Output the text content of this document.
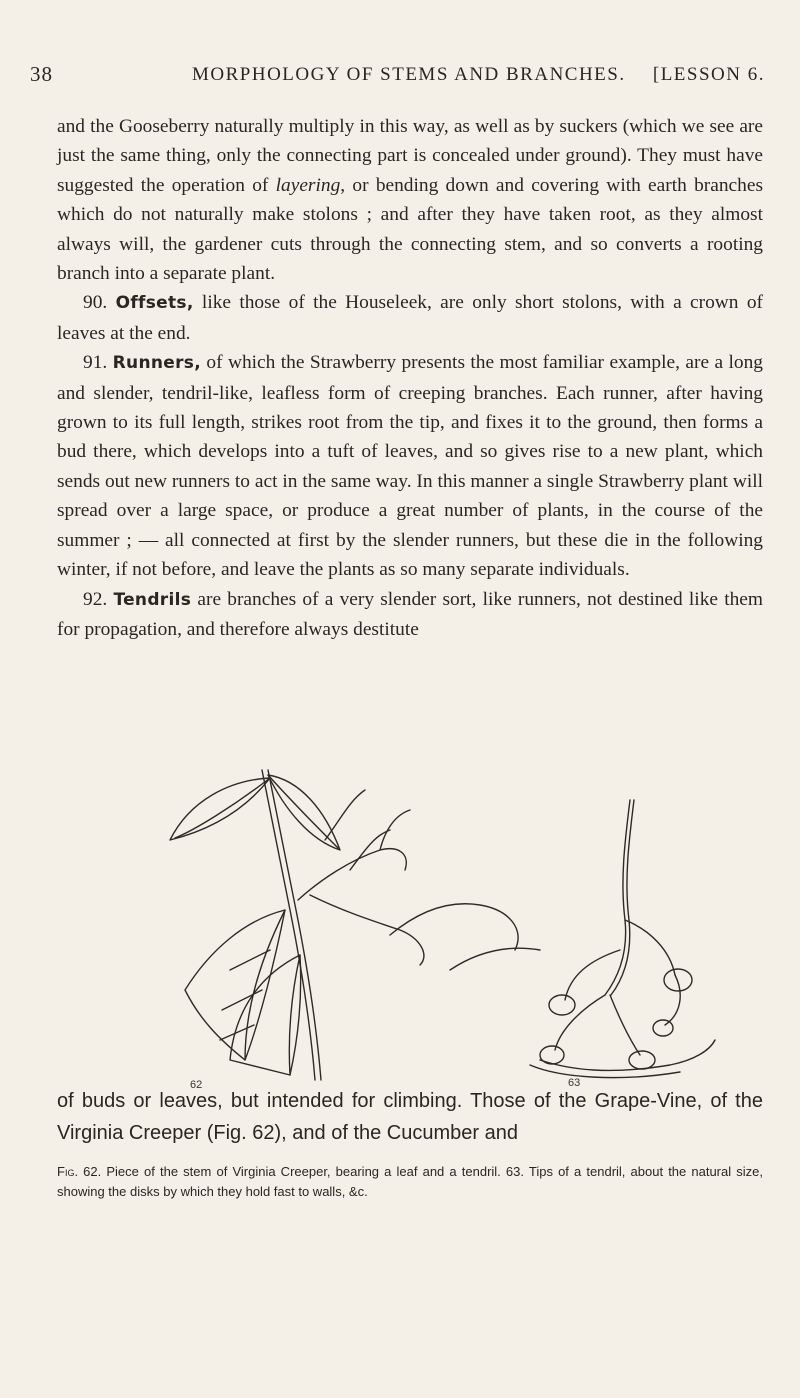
38	MORPHOLOGY OF STEMS AND BRANCHES. [LESSON 6.

and the Gooseberry naturally multiply in this way, as well as by suckers (which we see are just the same thing, only the connecting part is concealed under ground). They must have suggested the operation of layering, or bending down and covering with earth branches which do not naturally make stolons ; and after they have taken root, as they almost always will, the gardener cuts through the connecting stem, and so converts a rooting branch into a separate plant.

90. Offsets, like those of the Houseleek, are only short stolons, with a crown of leaves at the end.

91. Runners, of which the Strawberry presents the most familiar example, are a long and slender, tendril-like, leafless form of creeping branches. Each runner, after having grown to its full length, strikes root from the tip, and fixes it to the ground, then forms a bud there, which develops into a tuft of leaves, and so gives rise to a new plant, which sends out new runners to act in the same way. In this manner a single Strawberry plant will spread over a large space, or produce a great number of plants, in the course of the summer ; — all connected at first by the slender runners, but these die in the following winter, if not before, and leave the plants as so many separate individuals.

92. Tendrils are branches of a very slender sort, like runners, not destined like them for propagation, and therefore always destitute

62	63

of buds or leaves, but intended for climbing. Those of the Grape-Vine, of the Virginia Creeper (Fig. 62), and of the Cucumber and

Fig. 62. Piece of the stem of Virginia Creeper, bearing a leaf and a tendril. 63. Tips of a tendril, about the natural size, showing the disks by which they hold fast to walls, &c.
